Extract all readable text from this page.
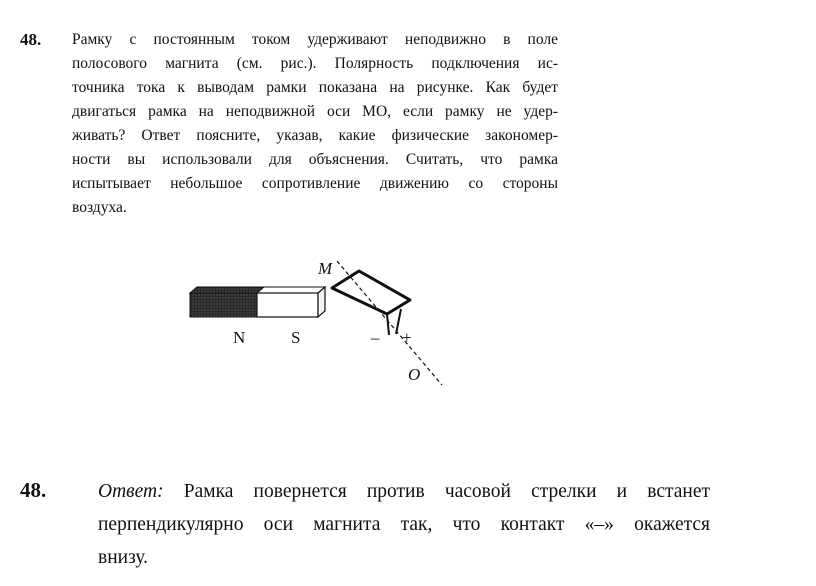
48. Рамку с постоянным током удерживают неподвижно в поле
полосового магнита (см. рис.). Полярность подключения ис-
точника тока к выводам рамки показана на рисунке. Как будет
двигаться рамка на неподвижной оси MO, если рамку не удер-
живать? Ответ поясните, указав, какие физические закономер-
ности вы использовали для объяснения. Считать, что рамка
испытывает небольшое сопротивление движению со стороны
воздуха.
N	S
M
O
– +
48.	Ответ: Рамка повернется против часовой стрелки и встанет
перпендикулярно оси магнита так, что контакт «–» окажется
внизу.
